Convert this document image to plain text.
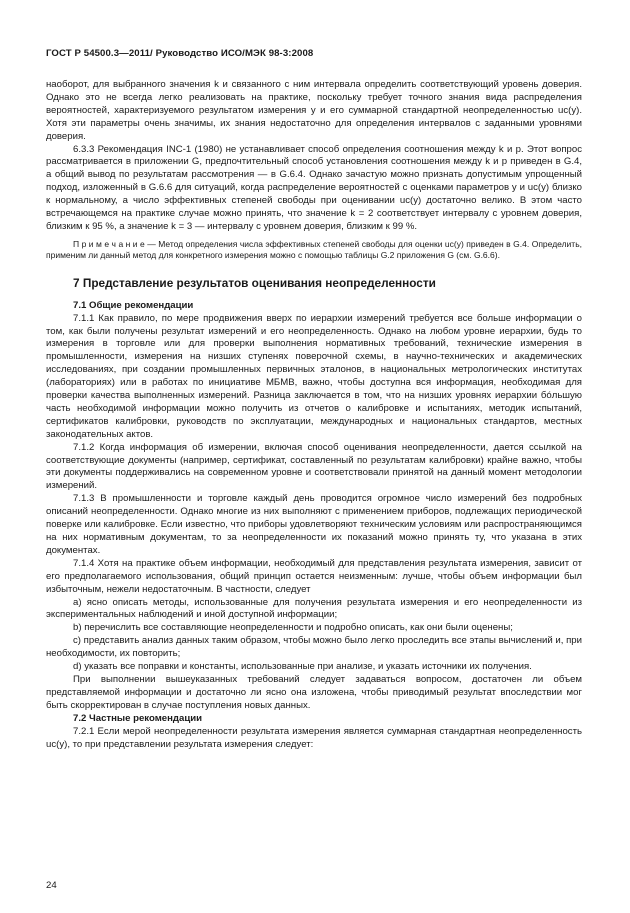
ГОСТ Р 54500.3—2011/ Руководство ИСО/МЭК 98-3:2008

наоборот, для выбранного значения k и связанного с ним интервала определить соответствующий уровень доверия. Однако это не всегда легко реализовать на практике, поскольку требует точного знания вида распределения вероятностей, характеризуемого результатом измерения y и его суммарной стандартной неопределенностью uc(y). Хотя эти параметры очень значимы, их знания недостаточно для определения интервалов с заданными уровнями доверия.

6.3.3 Рекомендация INC-1 (1980) не устанавливает способ определения соотношения между k и p. Этот вопрос рассматривается в приложении G, предпочтительный способ установления соотношения между k и p приведен в G.4, а общий вывод по результатам рассмотрения — в G.6.4. Однако зачастую можно признать допустимым упрощенный подход, изложенный в G.6.6 для ситуаций, когда распределение вероятностей с оценками параметров y и uc(y) близко к нормальному, а число эффективных степеней свободы при оценивании uc(y) достаточно велико. В этом часто встречающемся на практике случае можно принять, что значение k = 2 соответствует интервалу с уровнем доверия, близким к 95 %, а значение k = 3 — интервалу с уровнем доверия, близким к 99 %.

П р и м е ч а н и е — Метод определения числа эффективных степеней свободы для оценки uc(y) приведен в G.4. Определить, применим ли данный метод для конкретного измерения можно с помощью таблицы G.2 приложения G (см. G.6.6).

7 Представление результатов оценивания неопределенности
7.1 Общие рекомендации

7.1.1 Как правило, по мере продвижения вверх по иерархии измерений требуется все больше информации о том, как были получены результат измерений и его неопределенность. Однако на любом уровне иерархии, будь то измерения в торговле или для проверки выполнения нормативных требований, технические измерения в промышленности, измерения на низших ступенях поверочной схемы, в научно-технических и академических исследованиях, при создании промышленных первичных эталонов, в национальных метрологических институтах (лабораториях) или в работах по инициативе МБМВ, важно, чтобы доступна вся информация, необходимая для проверки качества выполненных измерений. Разница заключается в том, что на низших уровнях иерархии бóльшую часть необходимой информации можно получить из отчетов о калибровке и испытаниях, методик испытаний, сертификатов калибровки, руководств по эксплуатации, международных и национальных стандартов, местных законодательных актов.

7.1.2 Когда информация об измерении, включая способ оценивания неопределенности, дается ссылкой на соответствующие документы (например, сертификат, составленный по результатам калибровки) крайне важно, чтобы эти документы поддерживались на современном уровне и соответствовали принятой на данный момент методологии измерений.

7.1.3 В промышленности и торговле каждый день проводится огромное число измерений без подробных описаний неопределенности. Однако многие из них выполняют с применением приборов, подлежащих периодической поверке или калибровке. Если известно, что приборы удовлетворяют техническим условиям или распространяющимся на них нормативным документам, то за неопределенности их показаний можно принять ту, что указана в этих документах.

7.1.4 Хотя на практике объем информации, необходимый для представления результата измерения, зависит от его предполагаемого использования, общий принцип остается неизменным: лучше, чтобы объем информации был избыточным, нежели недостаточным. В частности, следует

a) ясно описать методы, использованные для получения результата измерения и его неопределенности из экспериментальных наблюдений и иной доступной информации;

b) перечислить все составляющие неопределенности и подробно описать, как они были оценены;

c) представить анализ данных таким образом, чтобы можно было легко проследить все этапы вычислений и, при необходимости, их повторить;

d) указать все поправки и константы, использованные при анализе, и указать источники их получения.

При выполнении вышеуказанных требований следует задаваться вопросом, достаточен ли объем представляемой информации и достаточно ли ясно она изложена, чтобы приводимый результат впоследствии мог быть скорректирован в случае поступления новых данных.

7.2 Частные рекомендации

7.2.1 Если мерой неопределенности результата измерения является суммарная стандартная неопределенность uc(y), то при представлении результата измерения следует:

24
